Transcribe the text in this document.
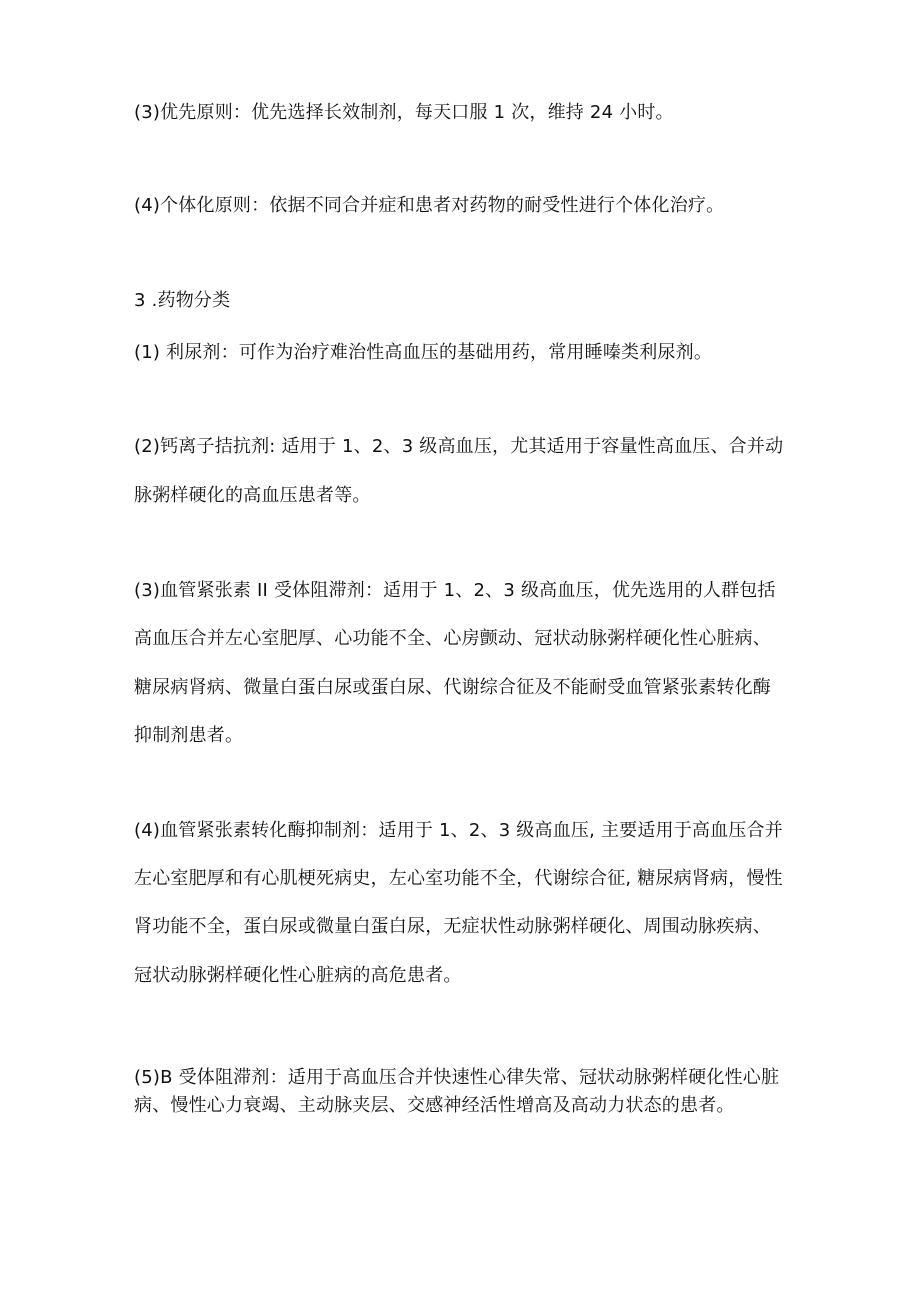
(3)优先原则：优先选择长效制剂，每天口服 1 次，维持 24 小时。
(4)个体化原则：依据不同合并症和患者对药物的耐受性进行个体化治疗。
3 .药物分类
(1) 利尿剂：可作为治疗难治性高血压的基础用药，常用睡嗪类利尿剂。
(2)钙离子拮抗剂: 适用于 1、2、3 级高血压，尤其适用于容量性高血压、合并动
脉粥样硬化的高血压患者等。
(3)血管紧张素 II 受体阻滞剂：适用于 1、2、3 级高血压，优先选用的人群包括
高血压合并左心室肥厚、心功能不全、心房颤动、冠状动脉粥样硬化性心脏病、
糖尿病肾病、微量白蛋白尿或蛋白尿、代谢综合征及不能耐受血管紧张素转化酶
抑制剂患者。
(4)血管紧张素转化酶抑制剂：适用于 1、2、3 级高血压, 主要适用于高血压合并
左心室肥厚和有心肌梗死病史，左心室功能不全，代谢综合征, 糖尿病肾病，慢性
肾功能不全，蛋白尿或微量白蛋白尿，无症状性动脉粥样硬化、周围动脉疾病、
冠状动脉粥样硬化性心脏病的高危患者。
(5)B 受体阻滞剂：适用于高血压合并快速性心律失常、冠状动脉粥样硬化性心脏
病、慢性心力衰竭、主动脉夹层、交感神经活性增高及高动力状态的患者。
